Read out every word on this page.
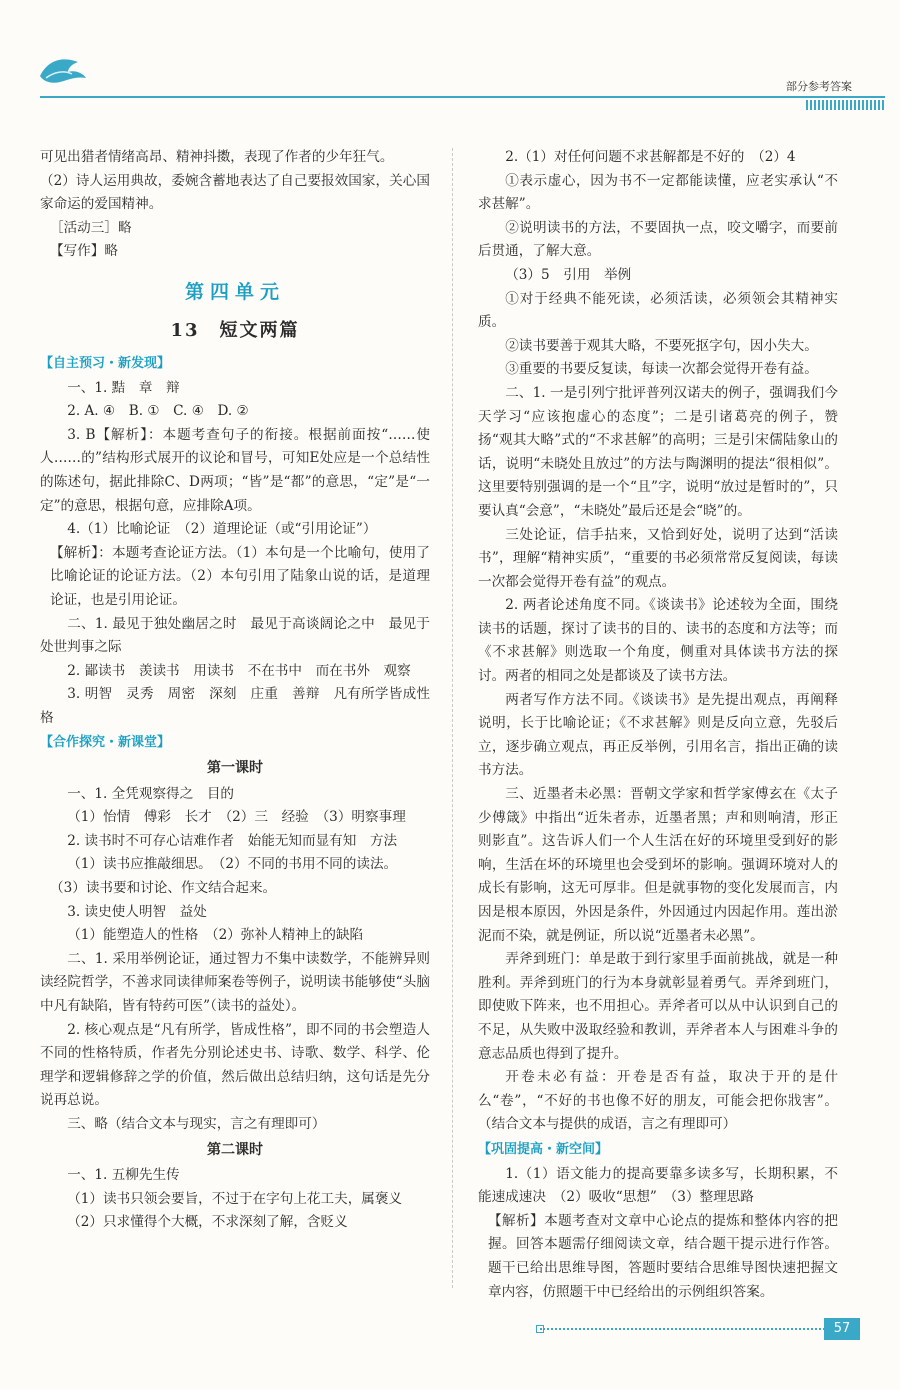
部分参考答案

可见出猎者情绪高昂、精神抖擞，表现了作者的少年狂气。

（2）诗人运用典故，委婉含蓄地表达了自己要报效国家，关心国家命运的爱国精神。

［活动三］略

【写作】略

第四单元
13　短文两篇
【自主预习・新发现】

一、1. 黠　章　辩

2. A. ④　B. ①　C. ④　D. ②

3. B【解析】：本题考查句子的衔接。根据前面按“……使人……的”结构形式展开的议论和冒号，可知E处应是一个总结性的陈述句，据此排除C、D两项；“皆”是“都”的意思，“定”是“一定”的意思，根据句意，应排除A项。

4.（1）比喻论证　（2）道理论证（或“引用论证”）

【解析】：本题考查论证方法。（1）本句是一个比喻句，使用了比喻论证的论证方法。（2）本句引用了陆象山说的话，是道理论证，也是引用论证。

二、1. 最见于独处幽居之时　最见于高谈阔论之中　最见于处世判事之际

2. 鄙读书　羡读书　用读书　不在书中　而在书外　观察

3. 明智　灵秀　周密　深刻　庄重　善辩　凡有所学皆成性格

【合作探究・新课堂】
第一课时

一、1. 全凭观察得之　目的

（1）怡情　傅彩　长才　（2）三　经验　（3）明察事理

2. 读书时不可存心诘难作者　始能无知而显有知　方法

（1）读书应推敲细思。　（2）不同的书用不同的读法。

（3）读书要和讨论、作文结合起来。

3. 读史使人明智　益处

（1）能塑造人的性格　（2）弥补人精神上的缺陷

二、1. 采用举例论证，通过智力不集中读数学，不能辨异则读经院哲学，不善求同读律师案卷等例子，说明读书能够使“头脑中凡有缺陷，皆有特药可医”（读书的益处）。

2. 核心观点是“凡有所学，皆成性格”，即不同的书会塑造人不同的性格特质，作者先分别论述史书、诗歌、数学、科学、伦理学和逻辑修辞之学的价值，然后做出总结归纳，这句话是先分说再总说。

三、略（结合文本与现实，言之有理即可）

第二课时

一、1. 五柳先生传

（1）读书只领会要旨，不过于在字句上花工夫，属褒义

（2）只求懂得个大概，不求深刻了解，含贬义

2.（1）对任何问题不求甚解都是不好的　（2）4

①表示虚心，因为书不一定都能读懂，应老实承认“不求甚解”。

②说明读书的方法，不要固执一点，咬文嚼字，而要前后贯通，了解大意。

（3）5　引用　举例

①对于经典不能死读，必须活读，必须领会其精神实质。

②读书要善于观其大略，不要死抠字句，因小失大。

③重要的书要反复读，每读一次都会觉得开卷有益。

二、1. 一是引列宁批评普列汉诺夫的例子，强调我们今天学习“应该抱虚心的态度”；二是引诸葛亮的例子，赞扬“观其大略”式的“不求甚解”的高明；三是引宋儒陆象山的话，说明“未晓处且放过”的方法与陶渊明的提法“很相似”。这里要特别强调的是一个“且”字，说明“放过是暂时的”，只要认真“会意”，“未晓处”最后还是会“晓”的。

三处论证，信手拈来，又恰到好处，说明了达到“活读书”，理解“精神实质”，“重要的书必须常常反复阅读，每读一次都会觉得开卷有益”的观点。

2. 两者论述角度不同。《谈读书》论述较为全面，围绕读书的话题，探讨了读书的目的、读书的态度和方法等；而《不求甚解》则选取一个角度，侧重对具体读书方法的探讨。两者的相同之处是都谈及了读书方法。

两者写作方法不同。《谈读书》是先提出观点，再阐释说明，长于比喻论证；《不求甚解》则是反向立意，先驳后立，逐步确立观点，再正反举例，引用名言，指出正确的读书方法。

三、近墨者未必黑：晋朝文学家和哲学家傅玄在《太子少傅箴》中指出“近朱者赤，近墨者黑；声和则响清，形正则影直”。这告诉人们一个人生活在好的环境里受到好的影响，生活在坏的环境里也会受到坏的影响。强调环境对人的成长有影响，这无可厚非。但是就事物的变化发展而言，内因是根本原因，外因是条件，外因通过内因起作用。莲出淤泥而不染，就是例证，所以说“近墨者未必黑”。

弄斧到班门：单是敢于到行家里手面前挑战，就是一种胜利。弄斧到班门的行为本身就彰显着勇气。弄斧到班门，即使败下阵来，也不用担心。弄斧者可以从中认识到自己的不足，从失败中汲取经验和教训，弄斧者本人与困难斗争的意志品质也得到了提升。

开卷未必有益：开卷是否有益，取决于开的是什么“卷”，“不好的书也像不好的朋友，可能会把你戕害”。（结合文本与提供的成语，言之有理即可）

【巩固提高・新空间】

1.（1）语文能力的提高要靠多读多写，长期积累，不能速成速决　（2）吸收“思想”　（3）整理思路

【解析】本题考查对文章中心论点的提炼和整体内容的把握。回答本题需仔细阅读文章，结合题干提示进行作答。题干已给出思维导图，答题时要结合思维导图快速把握文章内容，仿照题干中已经给出的示例组织答案。

57
